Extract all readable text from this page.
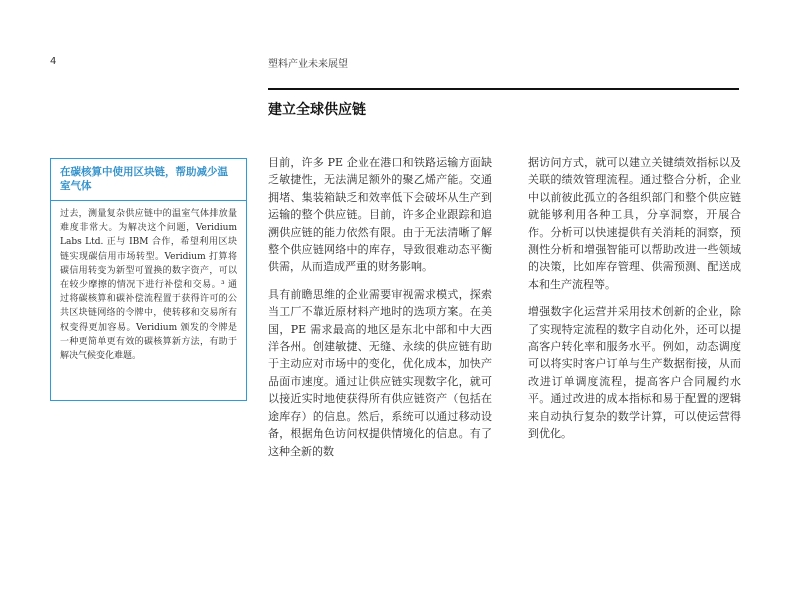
4	塑料产业未来展望
建立全球供应链
在碳核算中使用区块链，帮助减少温室气体

过去，测量复杂供应链中的温室气体排放量难度非常大。为解决这个问题，Veridium Labs Ltd. 正与 IBM 合作，希望利用区块链实现碳信用市场转型。Veridium 打算将碳信用转变为新型可置换的数字资产，可以在较少摩擦的情况下进行补偿和交易。³ 通过将碳核算和碳补偿流程置于获得许可的公共区块链网络的令牌中，使转移和交易所有权变得更加容易。Veridium 颁发的令牌是一种更简单更有效的碳核算新方法，有助于解决气候变化难题。

目前，许多 PE 企业在港口和铁路运输方面缺乏敏捷性，无法满足额外的聚乙烯产能。交通拥堵、集装箱缺乏和效率低下会破坏从生产到运输的整个供应链。目前，许多企业跟踪和追溯供应链的能力依然有限。由于无法清晰了解整个供应链网络中的库存，导致很难动态平衡供需，从而造成严重的财务影响。

具有前瞻思维的企业需要审视需求模式，探索当工厂不靠近原材料产地时的选项方案。在美国，PE 需求最高的地区是东北中部和中大西洋各州。创建敏捷、无缝、永续的供应链有助于主动应对市场中的变化，优化成本，加快产品面市速度。通过让供应链实现数字化，就可以接近实时地使获得所有供应链资产（包括在途库存）的信息。然后，系统可以通过移动设备，根据角色访问权提供情境化的信息。有了这种全新的数

据访问方式，就可以建立关键绩效指标以及关联的绩效管理流程。通过整合分析，企业中以前彼此孤立的各组织部门和整个供应链就能够利用各种工具，分享洞察，开展合作。分析可以快速提供有关消耗的洞察，预测性分析和增强智能可以帮助改进一些领域的决策，比如库存管理、供需预测、配送成本和生产流程等。

增强数字化运营并采用技术创新的企业，除了实现特定流程的数字自动化外，还可以提高客户转化率和服务水平。例如，动态调度可以将实时客户订单与生产数据衔接，从而改进订单调度流程，提高客户合同履约水平。通过改进的成本指标和易于配置的逻辑来自动执行复杂的数学计算，可以使运营得到优化。
